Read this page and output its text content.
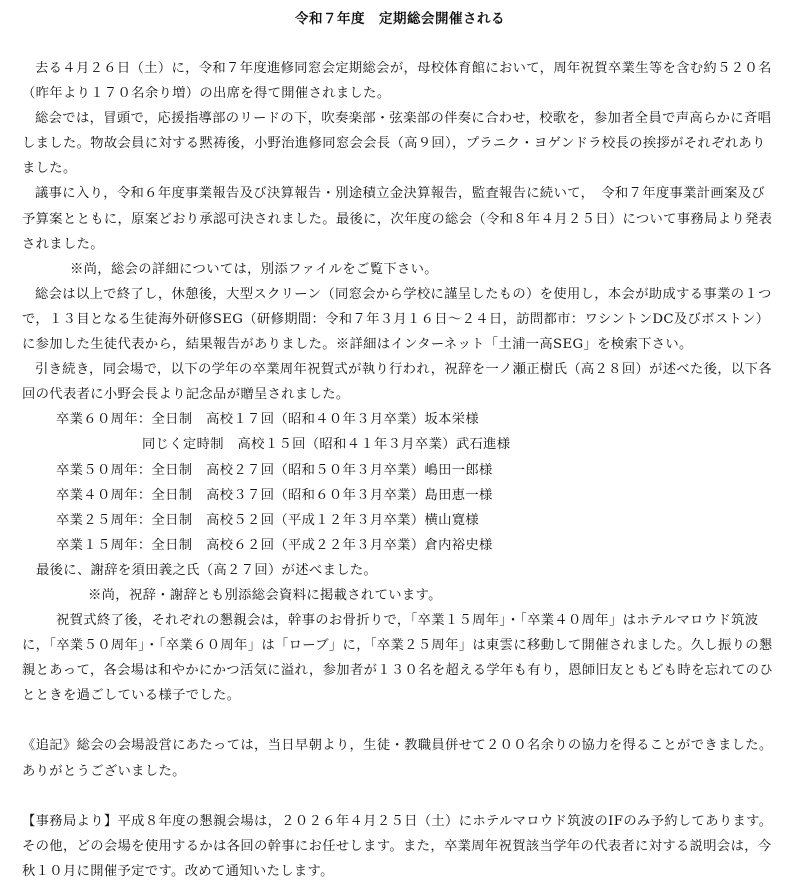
令和７年度　定期総会開催される

去る４月２６日（土）に，令和７年度進修同窓会定期総会が，母校体育館において，周年祝賀卒業生等を含む約５２０名（昨年より１７０名余り増）の出席を得て開催されました。

総会では，冒頭で，応援指導部のリードの下，吹奏楽部・弦楽部の伴奏に合わせ，校歌を，参加者全員で声高らかに斉唱しました。物故会員に対する黙祷後，小野治進修同窓会会長（高９回），プラニク・ヨゲンドラ校長の挨拶がそれぞれありました。

議事に入り，令和６年度事業報告及び決算報告・別途積立金決算報告，監査報告に続いて，　令和７年度事業計画案及び予算案とともに，原案どおり承認可決されました。最後に，次年度の総会（令和８年４月２５日）について事務局より発表されました。

※尚，総会の詳細については，別添ファイルをご覧下さい。

総会は以上で終了し，休憩後，大型スクリーン（同窓会から学校に謹呈したもの）を使用し，本会が助成する事業の１つで，１３目となる生徒海外研修SEG（研修期間：令和７年３月１６日～２４日，訪問都市：ワシントンDC及びボストン）に参加した生徒代表から，結果報告がありました。※詳細はインターネット「土浦一高SEG」を検索下さい。

引き続き，同会場で，以下の学年の卒業周年祝賀式が執り行われ，祝辞を一ノ瀬正樹氏（高２８回）が述べた後，以下各回の代表者に小野会長より記念品が贈呈されました。

卒業６０周年：全日制　高校１７回（昭和４０年３月卒業）坂本栄様
同じく定時制　高校１５回（昭和４１年３月卒業）武石進様
卒業５０周年：全日制　高校２７回（昭和５０年３月卒業）嶋田一郎様
卒業４０周年：全日制　高校３７回（昭和６０年３月卒業）島田恵一様
卒業２５周年：全日制　高校５２回（平成１２年３月卒業）横山寛様
卒業１５周年：全日制　高校６２回（平成２２年３月卒業）倉内裕史様

最後に、謝辞を須田義之氏（高２７回）が述べました。

※尚，祝辞・謝辞とも別添総会資料に掲載されています。

祝賀式終了後，それぞれの懇親会は，幹事のお骨折りで，「卒業１５周年」・「卒業４０周年」はホテルマロウド筑波に，「卒業５０周年」・「卒業６０周年」は「ローブ」に，「卒業２５周年」は東雲に移動して開催されました。久し振りの懇親とあって，各会場は和やかにかつ活気に溢れ，参加者が１３０名を超える学年も有り，恩師旧友ともども時を忘れてのひとときを過ごしている様子でした。

《追記》総会の会場設営にあたっては，当日早朝より，生徒・教職員併せて２００名余りの協力を得ることができました。ありがとうございました。

【事務局より】平成８年度の懇親会場は，２０２６年４月２５日（土）にホテルマロウド筑波のIFのみ予約してあります。その他，どの会場を使用するかは各回の幹事にお任せします。また，卒業周年祝賀該当学年の代表者に対する説明会は，今秋１０月に開催予定です。改めて通知いたします。
